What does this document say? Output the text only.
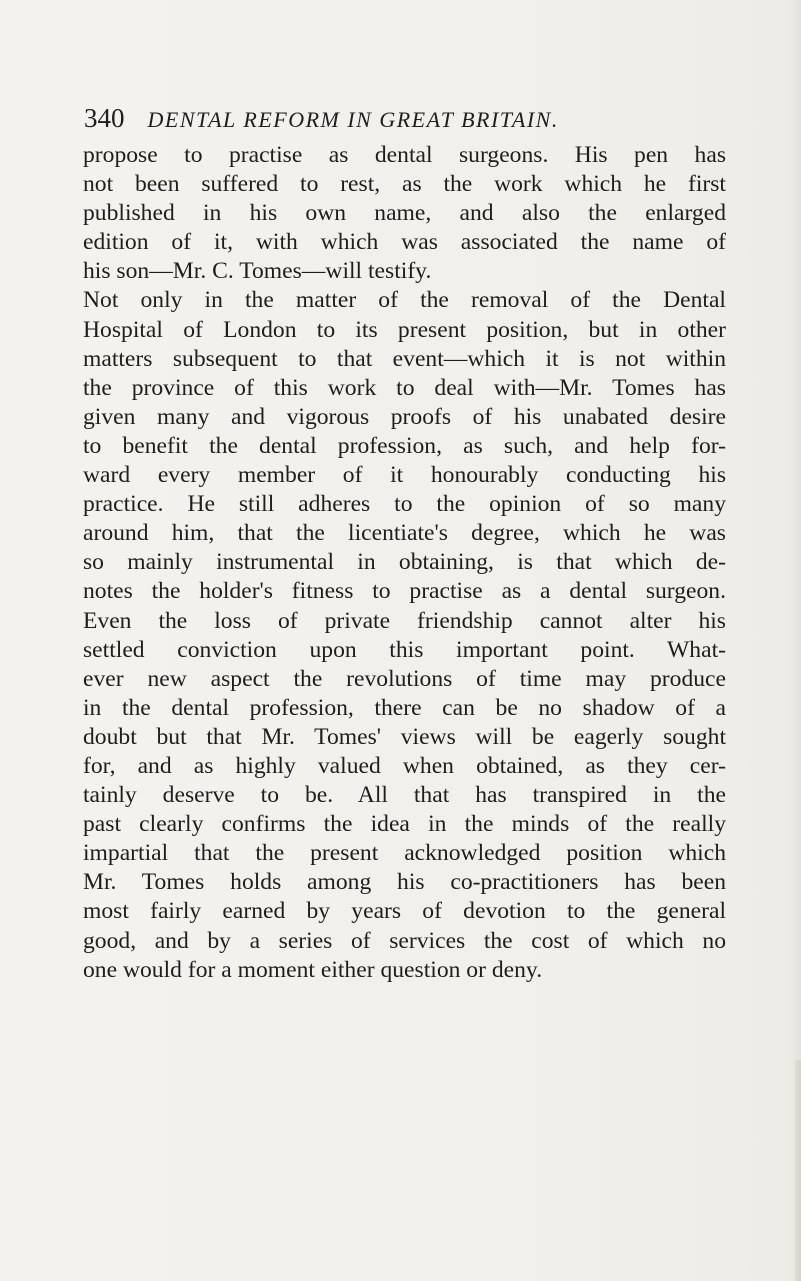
340 DENTAL REFORM IN GREAT BRITAIN.
propose to practise as dental surgeons. His pen has
not been suffered to rest, as the work which he first
published in his own name, and also the enlarged
edition of it, with which was associated the name of
his son—Mr. C. Tomes—will testify.
Not only in the matter of the removal of the Dental
Hospital of London to its present position, but in other
matters subsequent to that event—which it is not within
the province of this work to deal with—Mr. Tomes has
given many and vigorous proofs of his unabated desire
to benefit the dental profession, as such, and help for-
ward every member of it honourably conducting his
practice. He still adheres to the opinion of so many
around him, that the licentiate's degree, which he was
so mainly instrumental in obtaining, is that which de-
notes the holder's fitness to practise as a dental surgeon.
Even the loss of private friendship cannot alter his
settled conviction upon this important point. What-
ever new aspect the revolutions of time may produce
in the dental profession, there can be no shadow of a
doubt but that Mr. Tomes' views will be eagerly sought
for, and as highly valued when obtained, as they cer-
tainly deserve to be. All that has transpired in the
past clearly confirms the idea in the minds of the really
impartial that the present acknowledged position which
Mr. Tomes holds among his co-practitioners has been
most fairly earned by years of devotion to the general
good, and by a series of services the cost of which no
one would for a moment either question or deny.
